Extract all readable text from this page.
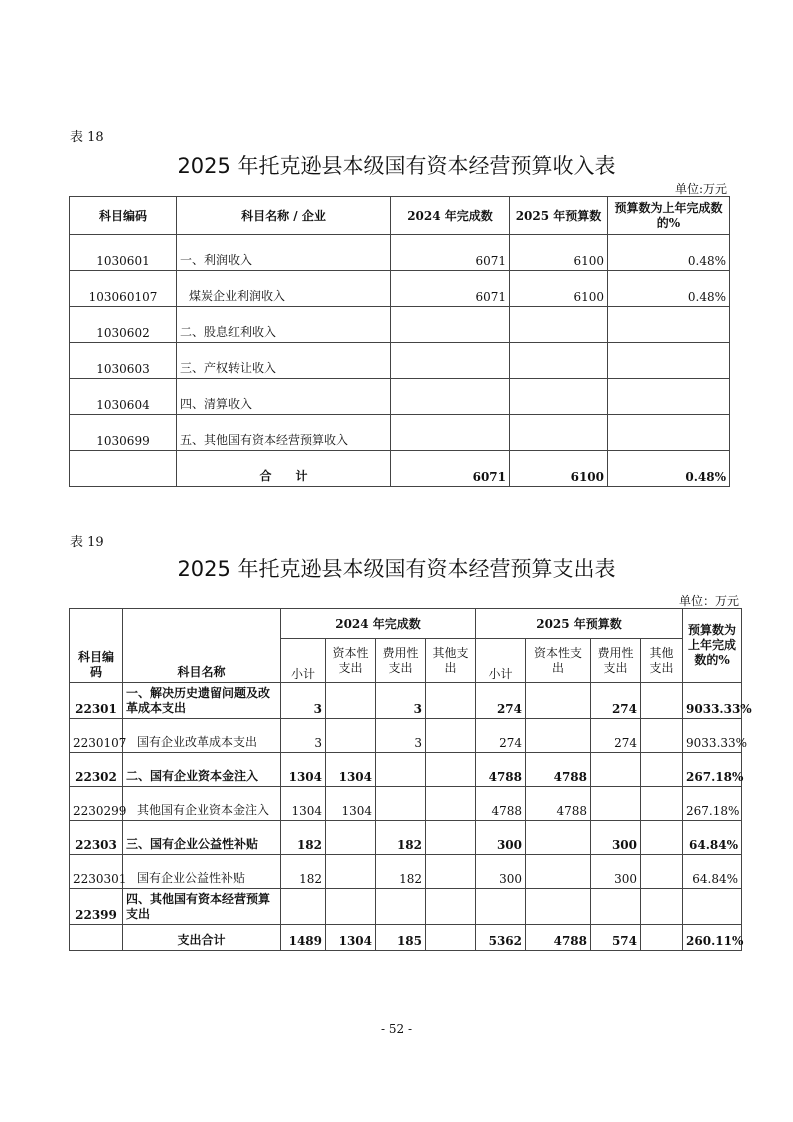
表 18
2025 年托克逊县本级国有资本经营预算收入表
单位:万元
科目编码	科目名称 / 企业	2024 年完成数	2025 年预算数	预算数为上年完成数的%
1030601	一、利润收入	6071	6100	0.48%
103060107	煤炭企业利润收入	6071	6100	0.48%
1030602	二、股息红利收入			
1030603	三、产权转让收入			
1030604	四、清算收入			
1030699	五、其他国有资本经营预算收入			
	合　　计	6071	6100	0.48%
表 19
2025 年托克逊县本级国有资本经营预算支出表
单位：万元
科目编码	科目名称	2024 年完成数				2025 年预算数				预算数为上年完成数的%
		小计	资本性支出	费用性支出	其他支出	小计	资本性支出	费用性支出	其他支出	
22301	一、解决历史遗留问题及改革成本支出	3		3		274		274		9033.33%
2230107	国有企业改革成本支出	3		3		274		274		9033.33%
22302	二、国有企业资本金注入	1304	1304			4788	4788			267.18%
2230299	其他国有企业资本金注入	1304	1304			4788	4788			267.18%
22303	三、国有企业公益性补贴	182		182		300		300		64.84%
2230301	国有企业公益性补贴	182		182		300		300		64.84%
22399	四、其他国有资本经营预算支出									
	支出合计	1489	1304	185		5362	4788	574		260.11%
- 52 -
